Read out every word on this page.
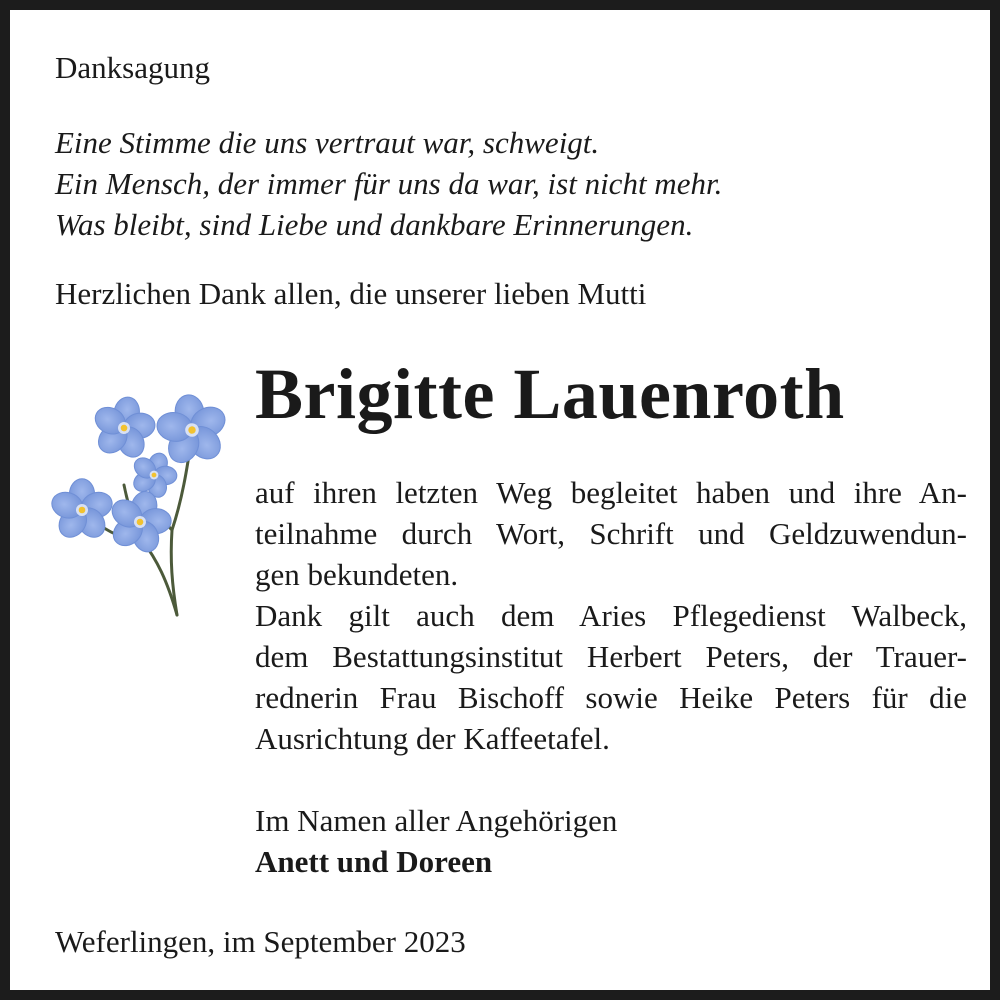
Danksagung

Eine Stimme die uns vertraut war, schweigt.
Ein Mensch, der immer für uns da war, ist nicht mehr.
Was bleibt, sind Liebe und dankbare Erinnerungen.

Herzlichen Dank allen, die unserer lieben Mutti

Brigitte Lauenroth

auf ihren letzten Weg begleitet haben und ihre An-
teilnahme durch Wort, Schrift und Geldzuwendun-
gen bekundeten.
Dank gilt auch dem Aries Pflegedienst Walbeck,
dem Bestattungsinstitut Herbert Peters, der Trauer-
rednerin Frau Bischoff sowie Heike Peters für die
Ausrichtung der Kaffeetafel.
Im Namen aller Angehörigen
Anett und Doreen

Weferlingen, im September 2023
